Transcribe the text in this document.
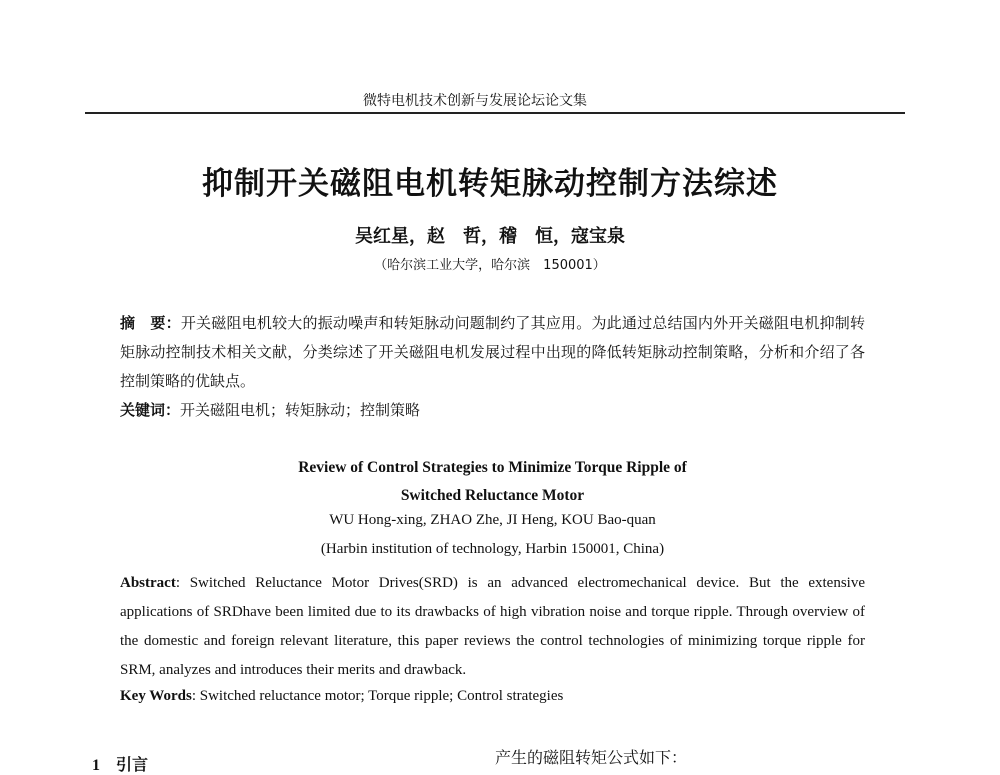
微特电机技术创新与发展论坛论文集
抑制开关磁阻电机转矩脉动控制方法综述
吴红星，赵　哲，稽　恒，寇宝泉
（哈尔滨工业大学，哈尔滨　150001）
摘　要：开关磁阻电机较大的振动噪声和转矩脉动问题制约了其应用。为此通过总结国内外开关磁阻电机抑制转矩脉动控制技术相关文献，分类综述了开关磁阻电机发展过程中出现的降低转矩脉动控制策略，分析和介绍了各控制策略的优缺点。
关键词：开关磁阻电机；转矩脉动；控制策略
Review of Control Strategies to Minimize Torque Ripple of
Switched Reluctance Motor
WU Hong-xing, ZHAO Zhe, JI Heng, KOU Bao-quan
(Harbin institution of technology, Harbin 150001, China)
Abstract: Switched Reluctance Motor Drives(SRD) is an advanced electromechanical device. But the extensive applications of SRDhave been limited due to its drawbacks of high vibration noise and torque ripple. Through overview of the domestic and foreign relevant literature, this paper reviews the control technologies of minimizing torque ripple for SRM, analyzes and introduces their merits and drawback.
Key Words: Switched reluctance motor; Torque ripple; Control strategies
1　引言	产生的磁阻转矩公式如下：
